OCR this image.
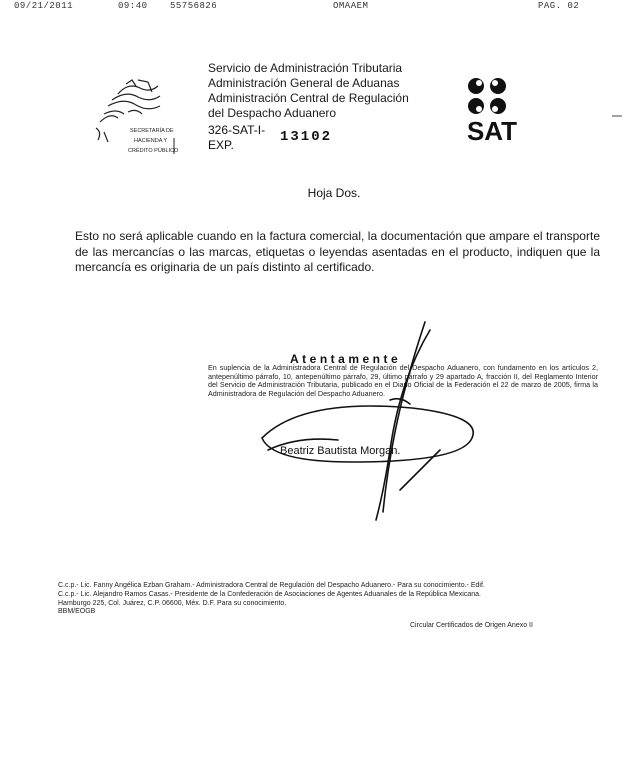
09/21/2011	09:40 55756826	OMAAEM	PAG. 02
SECRETARÍA DE
HACIENDA Y
CRÉDITO PÚBLICO
Servicio de Administración Tributaria
Administración General de Aduanas
Administración Central de Regulación
del Despacho Aduanero
326-SAT-I-
EXP.	13102	SAT
Hoja Dos.
Esto no será aplicable cuando en la factura comercial, la documentación que ampare el transporte de las mercancías o las marcas, etiquetas o leyendas asentadas en el producto, indiquen que la mercancía es originaria de un país distinto al certificado.
Atentamente
En suplencia de la Administradora Central de Regulación del Despacho Aduanero, con fundamento en los artículos 2, antepenúltimo párrafo, 10, antepenúltimo párrafo, 29, último párrafo y 29 apartado A, fracción II, del Reglamento Interior del Servicio de Administración Tributaria, publicado en el Diario Oficial de la Federación el 22 de marzo de 2005, firma la Administradora de Regulación del Despacho Aduanero.
Beatriz Bautista Morgan.
C.c.p.- Lic. Fanny Angélica Ezban Graham.- Administradora Central de Regulación del Despacho Aduanero.- Para su conocimiento.- Edif.
C.c.p.- Lic. Alejandro Ramos Casas.- Presidente de la Confederación de Asociaciones de Agentes Aduanales de la República Mexicana.
Hamburgo 225, Col. Juárez, C.P. 06600, Méx. D.F. Para su conocimiento.
BBM/EOGB
Circular Certificados de Origen Anexo II
